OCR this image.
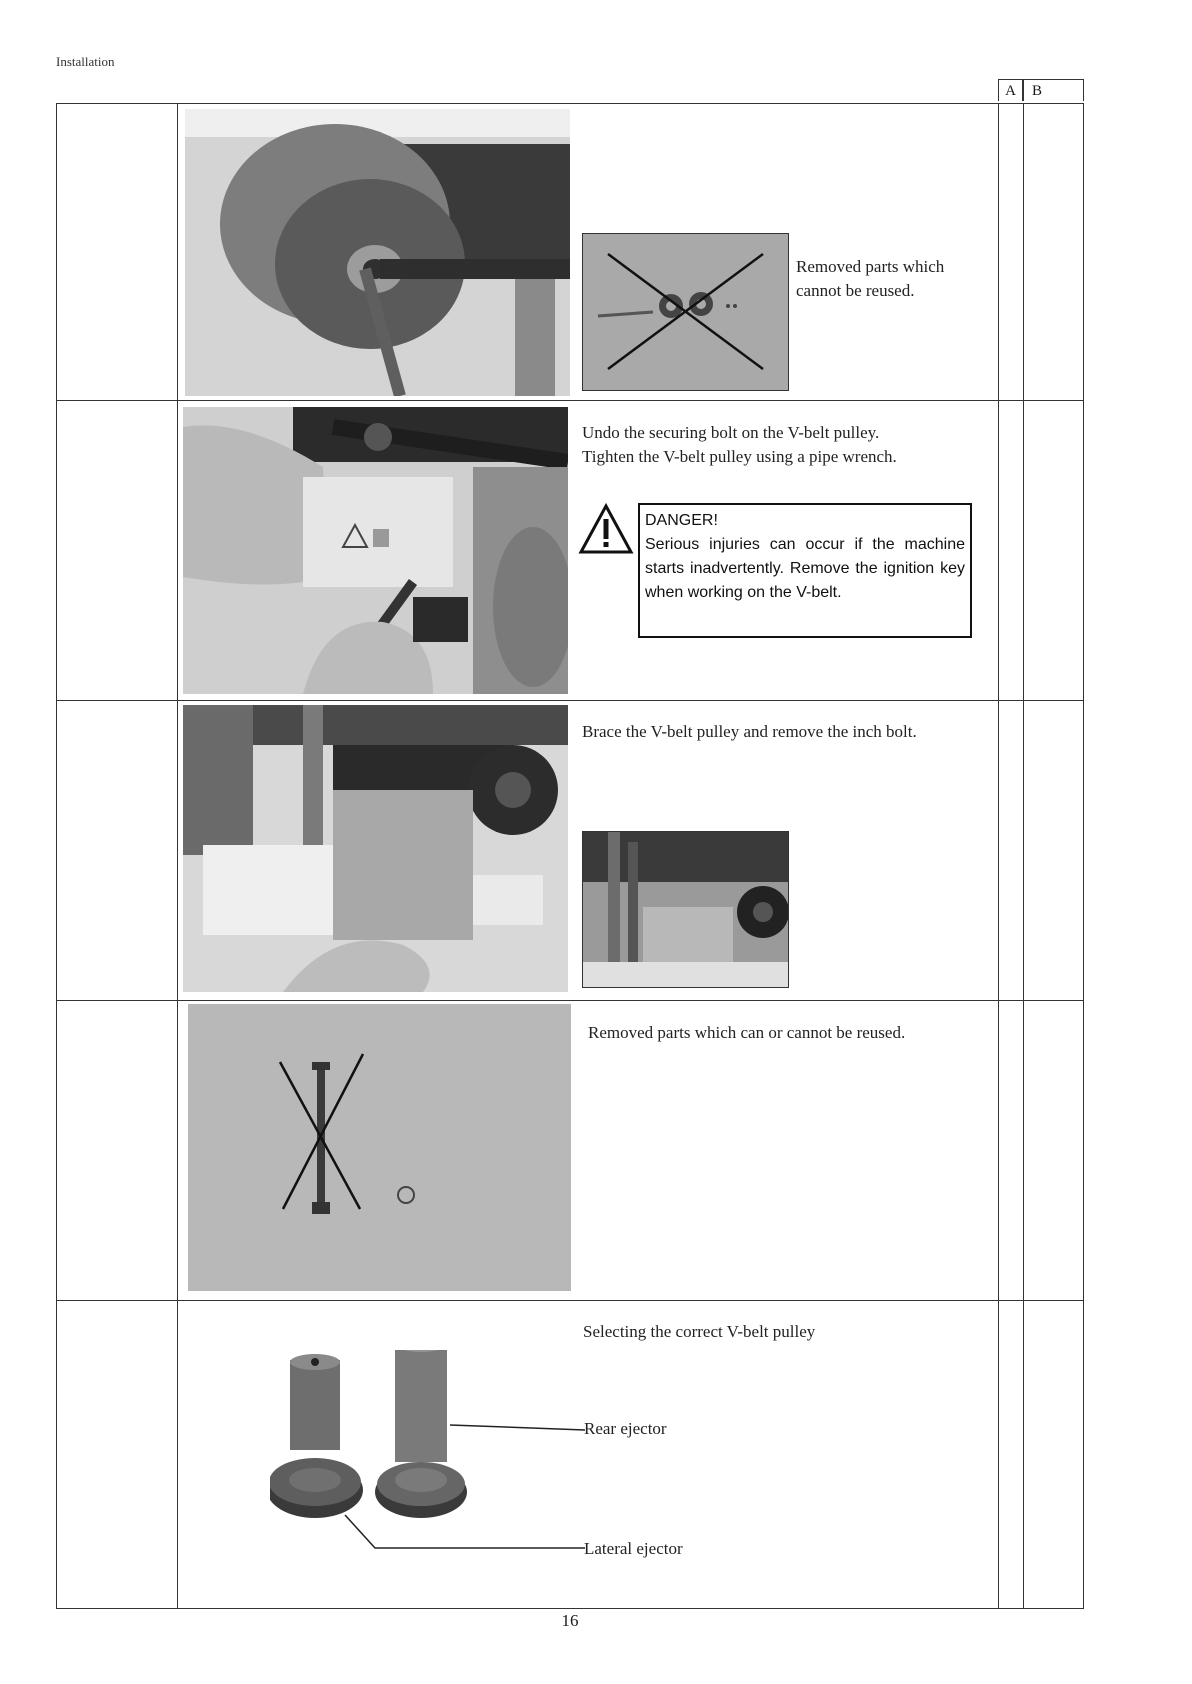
Installation
A	B
Removed parts which
cannot be reused.
Undo the securing bolt on the V-belt pulley.
Tighten the V-belt pulley using a pipe wrench.
DANGER!
Serious injuries can occur if the machine starts inadvertently. Remove the ignition key when working on the V-belt.
Brace the V-belt pulley and remove the inch bolt.
Removed parts which can or cannot be reused.
Selecting the correct V-belt pulley
Rear ejector
Lateral ejector
16
